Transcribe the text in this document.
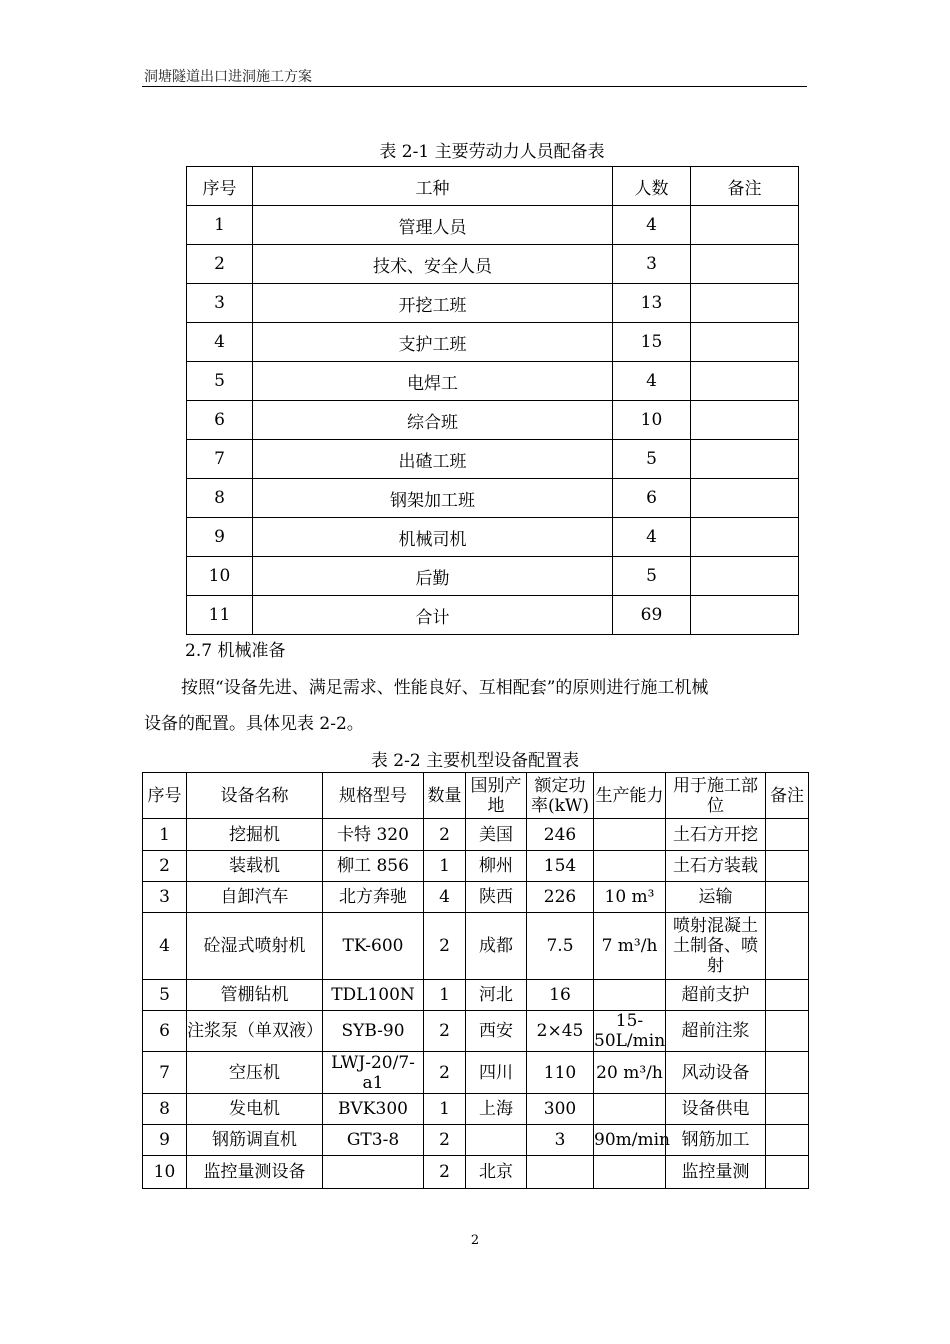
洞塘隧道出口进洞施工方案
表 2-1 主要劳动力人员配备表
序号	工种	人数	备注
1	管理人员	4	
2	技术、安全人员	3	
3	开挖工班	13	
4	支护工班	15	
5	电焊工	4	
6	综合班	10	
7	出碴工班	5	
8	钢架加工班	6	
9	机械司机	4	
10	后勤	5	
11	合计	69	
2.7 机械准备
按照“设备先进、满足需求、性能良好、互相配套”的原则进行施工机械
设备的配置。具体见表 2-2。
表 2-2 主要机型设备配置表
序号	设备名称	规格型号	数量	国别产地	额定功率(kW)	生产能力	用于施工部位	备注
1	挖掘机	卡特 320	2	美国	246		土石方开挖	
2	装载机	柳工 856	1	柳州	154		土石方装载	
3	自卸汽车	北方奔驰	4	陕西	226	10 m³	运输	
4	砼湿式喷射机	TK-600	2	成都	7.5	7 m³/h	喷射混凝土土制备、喷射	
5	管棚钻机	TDL100N	1	河北	16		超前支护	
6	注浆泵（单双液）	SYB-90	2	西安	2×45	15-50L/min	超前注浆	
7	空压机	LWJ-20/7-a1	2	四川	110	20 m³/h	风动设备	
8	发电机	BVK300	1	上海	300		设备供电	
9	钢筋调直机	GT3-8	2		3	90m/min	钢筋加工	
10	监控量测设备		2	北京			监控量测	
2
